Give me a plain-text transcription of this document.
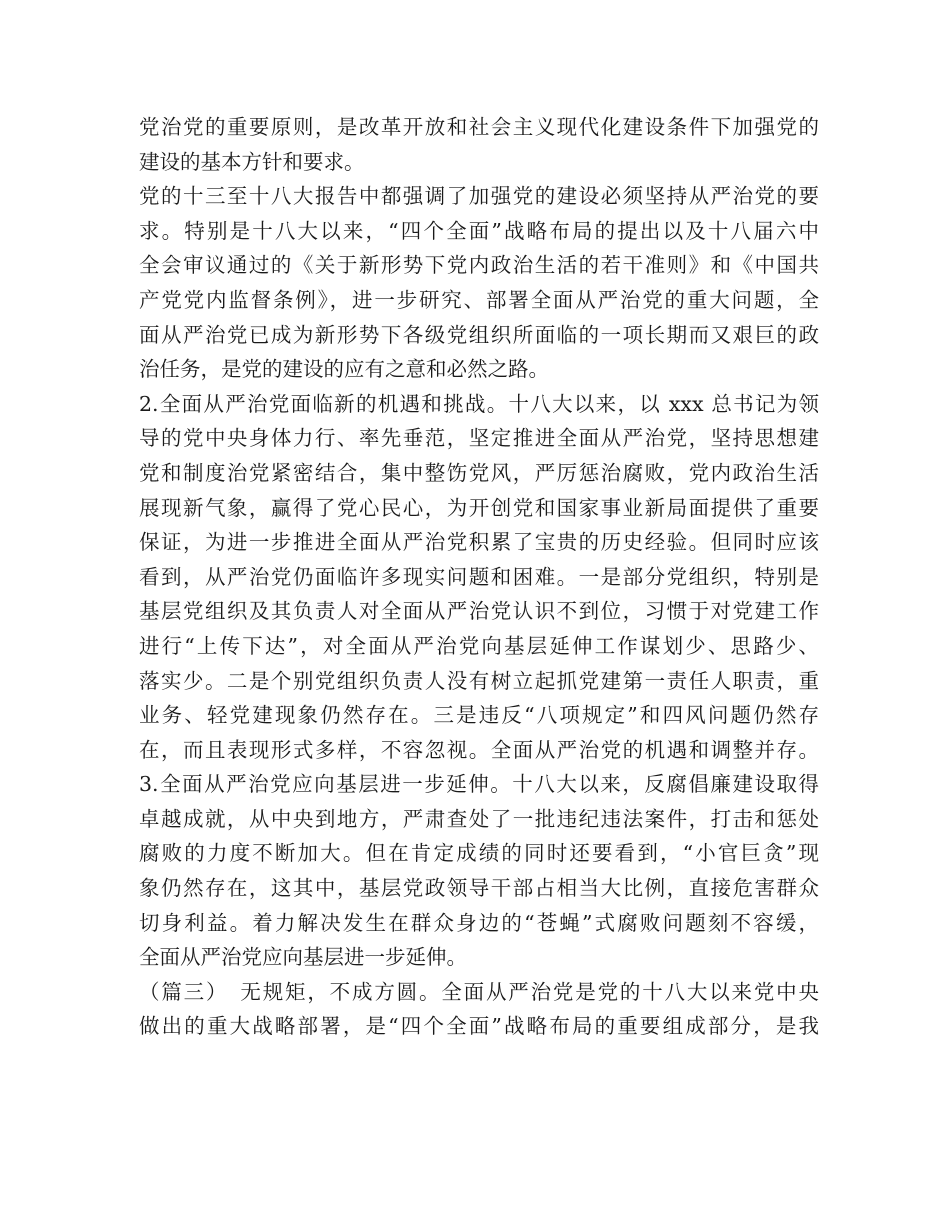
党治党的重要原则，是改革开放和社会主义现代化建设条件下加强党的
建设的基本方针和要求。
党的十三至十八大报告中都强调了加强党的建设必须坚持从严治党的要
求。特别是十八大以来，“四个全面”战略布局的提出以及十八届六中
全会审议通过的《关于新形势下党内政治生活的若干准则》和《中国共
产党党内监督条例》，进一步研究、部署全面从严治党的重大问题，全
面从严治党已成为新形势下各级党组织所面临的一项长期而又艰巨的政
治任务，是党的建设的应有之意和必然之路。
2.全面从严治党面临新的机遇和挑战。十八大以来，以 xxx 总书记为领
导的党中央身体力行、率先垂范，坚定推进全面从严治党，坚持思想建
党和制度治党紧密结合，集中整饬党风，严厉惩治腐败，党内政治生活
展现新气象，赢得了党心民心，为开创党和国家事业新局面提供了重要
保证，为进一步推进全面从严治党积累了宝贵的历史经验。但同时应该
看到，从严治党仍面临许多现实问题和困难。一是部分党组织，特别是
基层党组织及其负责人对全面从严治党认识不到位，习惯于对党建工作
进行“上传下达”，对全面从严治党向基层延伸工作谋划少、思路少、
落实少。二是个别党组织负责人没有树立起抓党建第一责任人职责，重
业务、轻党建现象仍然存在。三是违反“八项规定”和四风问题仍然存
在，而且表现形式多样，不容忽视。全面从严治党的机遇和调整并存。
3.全面从严治党应向基层进一步延伸。十八大以来，反腐倡廉建设取得
卓越成就，从中央到地方，严肃查处了一批违纪违法案件，打击和惩处
腐败的力度不断加大。但在肯定成绩的同时还要看到，“小官巨贪”现
象仍然存在，这其中，基层党政领导干部占相当大比例，直接危害群众
切身利益。着力解决发生在群众身边的“苍蝇”式腐败问题刻不容缓，
全面从严治党应向基层进一步延伸。
（篇三）　无规矩，不成方圆。全面从严治党是党的十八大以来党中央
做出的重大战略部署，是“四个全面”战略布局的重要组成部分，是我
